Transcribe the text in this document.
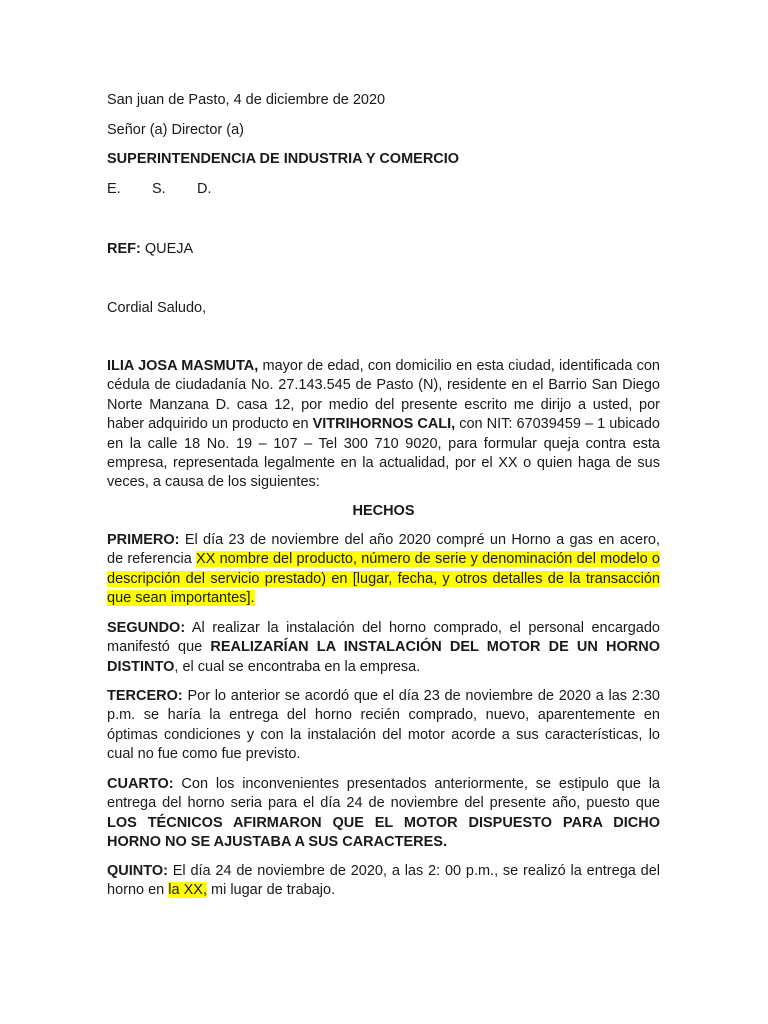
San juan de Pasto, 4 de diciembre de 2020
Señor (a) Director (a)
SUPERINTENDENCIA DE INDUSTRIA Y COMERCIO
E. S. D.
REF: QUEJA
Cordial Saludo,

ILIA JOSA MASMUTA, mayor de edad, con domicilio en esta ciudad, identificada con cédula de ciudadanía No. 27.143.545 de Pasto (N), residente en el Barrio San Diego Norte Manzana D. casa 12, por medio del presente escrito me dirijo a usted, por haber adquirido un producto en VITRIHORNOS CALI, con NIT: 67039459 – 1 ubicado en la calle 18 No. 19 – 107 – Tel 300 710 9020, para formular queja contra esta empresa, representada legalmente en la actualidad, por el XX o quien haga de sus veces, a causa de los siguientes:

HECHOS

PRIMERO: El día 23 de noviembre del año 2020 compré un Horno a gas en acero, de referencia XX nombre del producto, número de serie y denominación del modelo o descripción del servicio prestado) en [lugar, fecha, y otros detalles de la transacción que sean importantes].

SEGUNDO: Al realizar la instalación del horno comprado, el personal encargado manifestó que REALIZARÍAN LA INSTALACIÓN DEL MOTOR DE UN HORNO DISTINTO, el cual se encontraba en la empresa.

TERCERO: Por lo anterior se acordó que el día 23 de noviembre de 2020 a las 2:30 p.m. se haría la entrega del horno recién comprado, nuevo, aparentemente en óptimas condiciones y con la instalación del motor acorde a sus características, lo cual no fue como fue previsto.

CUARTO: Con los inconvenientes presentados anteriormente, se estipulo que la entrega del horno seria para el día 24 de noviembre del presente año, puesto que LOS TÉCNICOS AFIRMARON QUE EL MOTOR DISPUESTO PARA DICHO HORNO NO SE AJUSTABA A SUS CARACTERES.

QUINTO: El día 24 de noviembre de 2020, a las 2: 00 p.m., se realizó la entrega del horno en la XX, mi lugar de trabajo.
